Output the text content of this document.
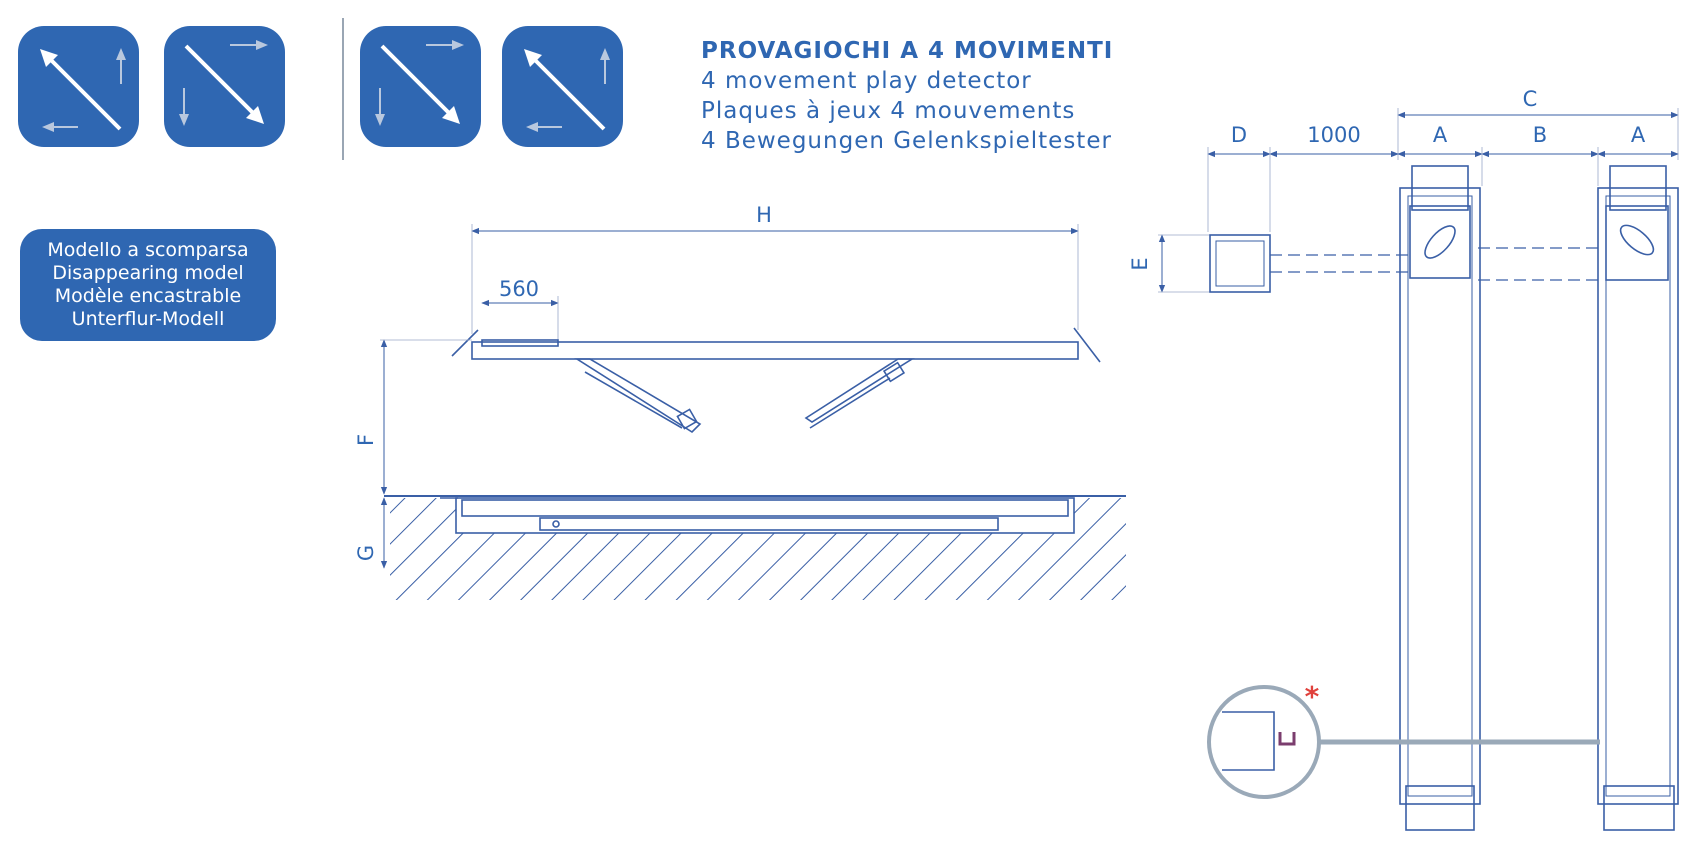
PROVAGIOCHI A 4 MOVIMENTI
4 movement play detector
Plaques à jeux 4 mouvements
4 Bewegungen Gelenkspieltester
Modello a scomparsa
Disappearing model
Modèle encastrable
Unterflur-Modell
H
560
F
G
C
D	1000	A	B	A
E
*
